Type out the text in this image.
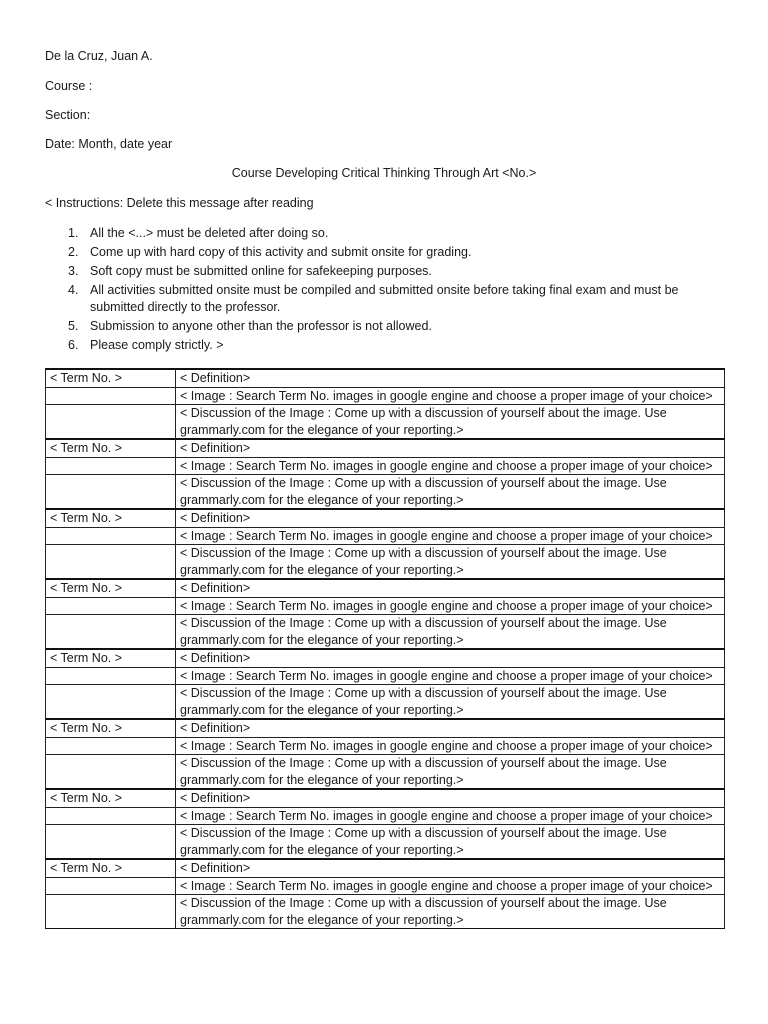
De la Cruz, Juan A.
Course :
Section:
Date: Month, date year
Course Developing Critical Thinking Through Art <No.>
< Instructions: Delete this message after reading
1. All the <...> must be deleted after doing so.
2. Come up with hard copy of this activity and submit onsite for grading.
3. Soft copy must be submitted online for safekeeping purposes.
4. All activities submitted onsite must be compiled and submitted onsite before taking final exam and must be submitted directly to the professor.
5. Submission to anyone other than the professor is not allowed.
6. Please comply strictly. >
< Term No. >	< Definition>

	< Image : Search Term No. images in google engine and choose a proper image of your choice>

	< Discussion of the Image : Come up with a discussion of yourself about the image. Use grammarly.com for the elegance of your reporting.>

< Term No. >	< Definition>

	< Image : Search Term No. images in google engine and choose a proper image of your choice>

	< Discussion of the Image : Come up with a discussion of yourself about the image. Use grammarly.com for the elegance of your reporting.>

< Term No. >	< Definition>

	< Image : Search Term No. images in google engine and choose a proper image of your choice>

	< Discussion of the Image : Come up with a discussion of yourself about the image. Use grammarly.com for the elegance of your reporting.>

< Term No. >	< Definition>

	< Image : Search Term No. images in google engine and choose a proper image of your choice>

	< Discussion of the Image : Come up with a discussion of yourself about the image. Use grammarly.com for the elegance of your reporting.>

< Term No. >	< Definition>

	< Image : Search Term No. images in google engine and choose a proper image of your choice>

	< Discussion of the Image : Come up with a discussion of yourself about the image. Use grammarly.com for the elegance of your reporting.>

< Term No. >	< Definition>

	< Image : Search Term No. images in google engine and choose a proper image of your choice>

	< Discussion of the Image : Come up with a discussion of yourself about the image. Use grammarly.com for the elegance of your reporting.>

< Term No. >	< Definition>

	< Image : Search Term No. images in google engine and choose a proper image of your choice>

	< Discussion of the Image : Come up with a discussion of yourself about the image. Use grammarly.com for the elegance of your reporting.>

< Term No. >	< Definition>

	< Image : Search Term No. images in google engine and choose a proper image of your choice>

	< Discussion of the Image : Come up with a discussion of yourself about the image. Use grammarly.com for the elegance of your reporting.>
